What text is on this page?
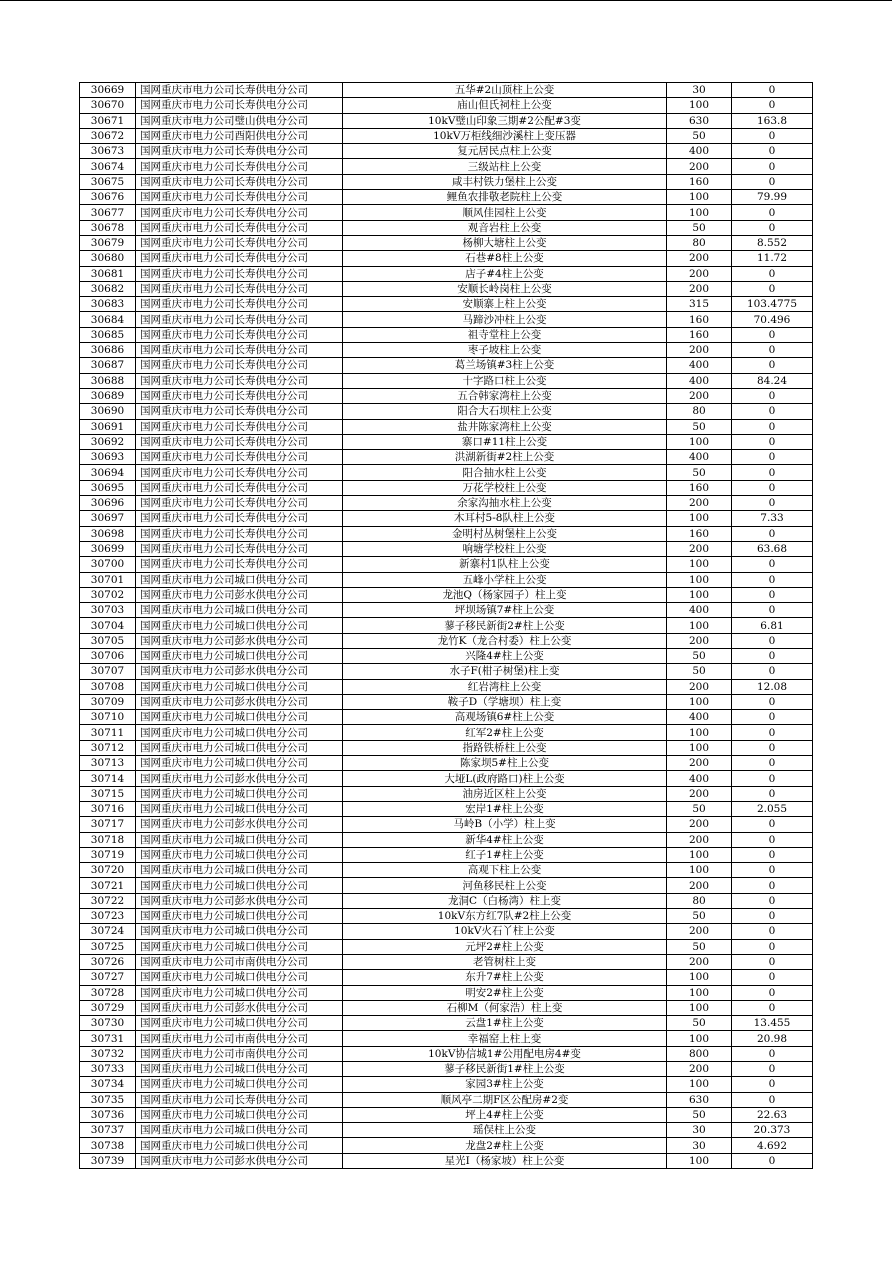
30669	国网重庆市电力公司长寿供电分公司	五华#2山顶柱上公变	30	0
30670	国网重庆市电力公司长寿供电分公司	庙山但氏祠柱上公变	100	0
30671	国网重庆市电力公司璧山供电分公司	10kV璧山印象三期#2公配#3变	630	163.8
30672	国网重庆市电力公司酉阳供电分公司	10kV万柜线细沙溪柱上变压器	50	0
30673	国网重庆市电力公司长寿供电分公司	复元居民点柱上公变	400	0
30674	国网重庆市电力公司长寿供电分公司	三级站柱上公变	200	0
30675	国网重庆市电力公司长寿供电分公司	咸丰村铁力堡柱上公变	160	0
30676	国网重庆市电力公司长寿供电分公司	鲤鱼农排敬老院柱上公变	100	79.99
30677	国网重庆市电力公司长寿供电分公司	顺风佳园柱上公变	100	0
30678	国网重庆市电力公司长寿供电分公司	观音岩柱上公变	50	0
30679	国网重庆市电力公司长寿供电分公司	杨柳大塘柱上公变	80	8.552
30680	国网重庆市电力公司长寿供电分公司	石巷#8柱上公变	200	11.72
30681	国网重庆市电力公司长寿供电分公司	店子#4柱上公变	200	0
30682	国网重庆市电力公司长寿供电分公司	安顺长岭岗柱上公变	200	0
30683	国网重庆市电力公司长寿供电分公司	安顺寨上柱上公变	315	103.4775
30684	国网重庆市电力公司长寿供电分公司	马蹄沙冲柱上公变	160	70.496
30685	国网重庆市电力公司长寿供电分公司	祖寺堂柱上公变	160	0
30686	国网重庆市电力公司长寿供电分公司	枣子坡柱上公变	200	0
30687	国网重庆市电力公司长寿供电分公司	葛兰场镇#3柱上公变	400	0
30688	国网重庆市电力公司长寿供电分公司	十字路口柱上公变	400	84.24
30689	国网重庆市电力公司长寿供电分公司	五合韩家湾柱上公变	200	0
30690	国网重庆市电力公司长寿供电分公司	阳合大石坝柱上公变	80	0
30691	国网重庆市电力公司长寿供电分公司	盐井陈家湾柱上公变	50	0
30692	国网重庆市电力公司长寿供电分公司	寨口#11柱上公变	100	0
30693	国网重庆市电力公司长寿供电分公司	洪湖新街#2柱上公变	400	0
30694	国网重庆市电力公司长寿供电分公司	阳合抽水柱上公变	50	0
30695	国网重庆市电力公司长寿供电分公司	万花学校柱上公变	160	0
30696	国网重庆市电力公司长寿供电分公司	余家沟抽水柱上公变	200	0
30697	国网重庆市电力公司长寿供电分公司	木耳村5-8队柱上公变	100	7.33
30698	国网重庆市电力公司长寿供电分公司	金明村丛树堡柱上公变	160	0
30699	国网重庆市电力公司长寿供电分公司	响塘学校柱上公变	200	63.68
30700	国网重庆市电力公司长寿供电分公司	新寨村1队柱上公变	100	0
30701	国网重庆市电力公司城口供电分公司	五峰小学柱上公变	100	0
30702	国网重庆市电力公司彭水供电分公司	龙池Q（杨家园子）柱上变	100	0
30703	国网重庆市电力公司城口供电分公司	坪坝场镇7#柱上公变	400	0
30704	国网重庆市电力公司城口供电分公司	蓼子移民新街2#柱上公变	100	6.81
30705	国网重庆市电力公司彭水供电分公司	龙竹K（龙合村委）柱上公变	200	0
30706	国网重庆市电力公司城口供电分公司	兴隆4#柱上公变	50	0
30707	国网重庆市电力公司彭水供电分公司	水子F(柑子树堡)柱上变	50	0
30708	国网重庆市电力公司城口供电分公司	红岩湾柱上公变	200	12.08
30709	国网重庆市电力公司彭水供电分公司	鞍子D（学塘坝）柱上变	100	0
30710	国网重庆市电力公司城口供电分公司	高观场镇6#柱上公变	400	0
30711	国网重庆市电力公司城口供电分公司	红军2#柱上公变	100	0
30712	国网重庆市电力公司城口供电分公司	指路铁桥柱上公变	100	0
30713	国网重庆市电力公司城口供电分公司	陈家坝5#柱上公变	200	0
30714	国网重庆市电力公司彭水供电分公司	大垭L(政府路口)柱上公变	400	0
30715	国网重庆市电力公司城口供电分公司	油房近区柱上公变	200	0
30716	国网重庆市电力公司城口供电分公司	宏岸1#柱上公变	50	2.055
30717	国网重庆市电力公司彭水供电分公司	马岭B（小学）柱上变	200	0
30718	国网重庆市电力公司城口供电分公司	新华4#柱上公变	200	0
30719	国网重庆市电力公司城口供电分公司	红子1#柱上公变	100	0
30720	国网重庆市电力公司城口供电分公司	高观下柱上公变	100	0
30721	国网重庆市电力公司城口供电分公司	河鱼移民柱上公变	200	0
30722	国网重庆市电力公司彭水供电分公司	龙洞C（白杨湾）柱上变	80	0
30723	国网重庆市电力公司城口供电分公司	10kV东方红7队#2柱上公变	50	0
30724	国网重庆市电力公司城口供电分公司	10kV火石丫柱上公变	200	0
30725	国网重庆市电力公司城口供电分公司	元坪2#柱上公变	50	0
30726	国网重庆市电力公司市南供电分公司	老管树柱上变	200	0
30727	国网重庆市电力公司城口供电分公司	东升7#柱上公变	100	0
30728	国网重庆市电力公司城口供电分公司	明安2#柱上公变	100	0
30729	国网重庆市电力公司彭水供电分公司	石柳M（何家浩）柱上变	100	0
30730	国网重庆市电力公司城口供电分公司	云盘1#柱上公变	50	13.455
30731	国网重庆市电力公司市南供电分公司	幸福窑上柱上变	100	20.98
30732	国网重庆市电力公司市南供电分公司	10kV协信城1#公用配电房4#变	800	0
30733	国网重庆市电力公司城口供电分公司	蓼子移民新街1#柱上公变	200	0
30734	国网重庆市电力公司城口供电分公司	家园3#柱上公变	100	0
30735	国网重庆市电力公司长寿供电分公司	顺风亭二期F区公配房#2变	630	0
30736	国网重庆市电力公司城口供电分公司	坪上4#柱上公变	50	22.63
30737	国网重庆市电力公司城口供电分公司	瑶俣柱上公变	30	20.373
30738	国网重庆市电力公司城口供电分公司	龙盘2#柱上公变	30	4.692
30739	国网重庆市电力公司彭水供电分公司	星光I（杨家坡）柱上公变	100	0
